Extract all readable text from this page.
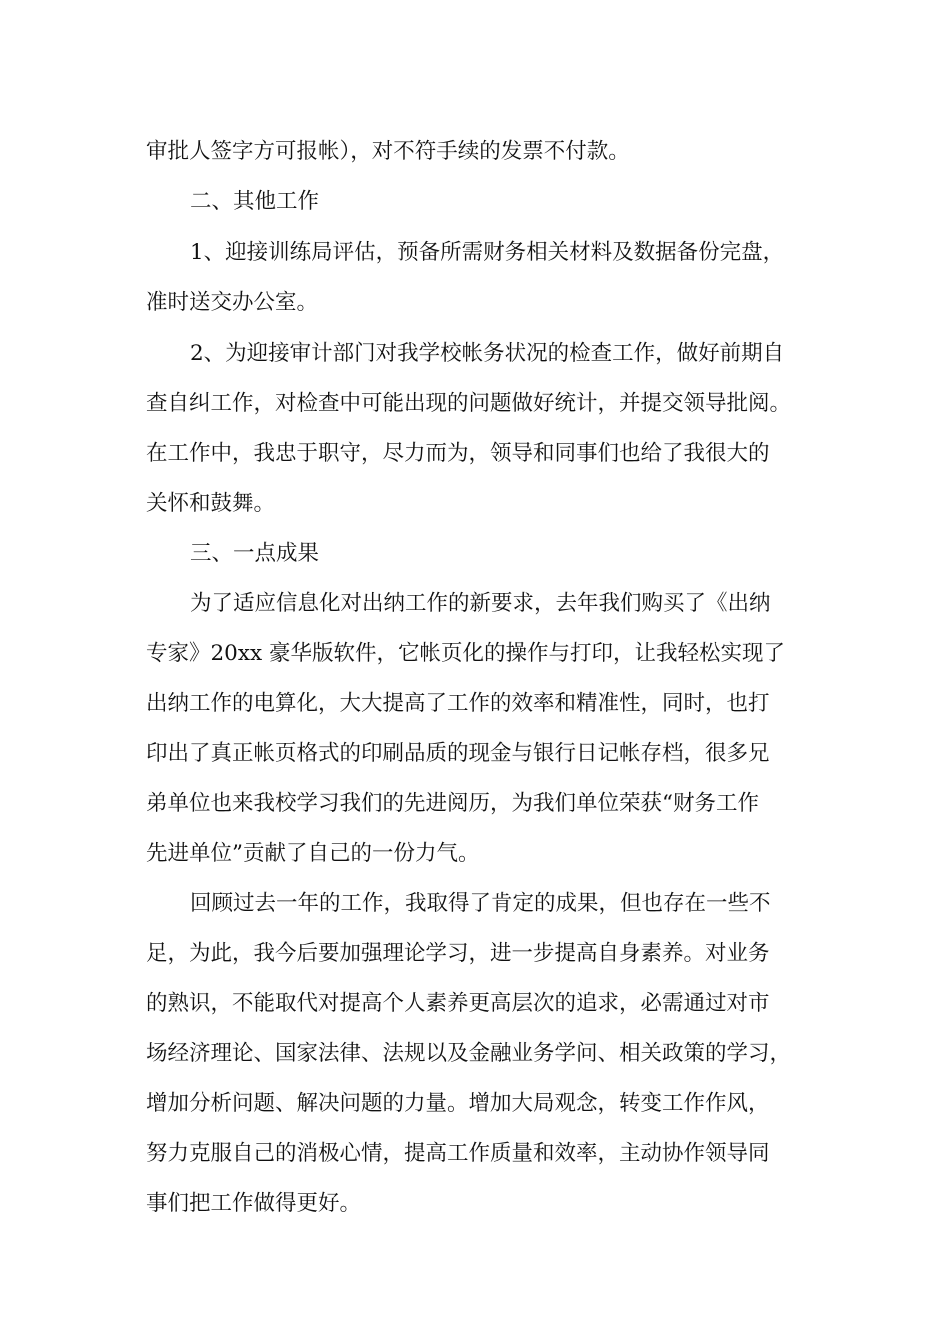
审批人签字方可报帐），对不符手续的发票不付款。
二、其他工作
1、迎接训练局评估，预备所需财务相关材料及数据备份完盘，
准时送交办公室。
2、为迎接审计部门对我学校帐务状况的检查工作，做好前期自
查自纠工作，对检查中可能出现的问题做好统计，并提交领导批阅。
在工作中，我忠于职守，尽力而为，领导和同事们也给了我很大的
关怀和鼓舞。
三、一点成果
为了适应信息化对出纳工作的新要求，去年我们购买了《出纳
专家》20xx 豪华版软件，它帐页化的操作与打印，让我轻松实现了
出纳工作的电算化，大大提高了工作的效率和精准性，同时，也打
印出了真正帐页格式的印刷品质的现金与银行日记帐存档，很多兄
弟单位也来我校学习我们的先进阅历，为我们单位荣获“财务工作
先进单位”贡献了自己的一份力气。
回顾过去一年的工作，我取得了肯定的成果，但也存在一些不
足，为此，我今后要加强理论学习，进一步提高自身素养。对业务
的熟识，不能取代对提高个人素养更高层次的追求，必需通过对市
场经济理论、国家法律、法规以及金融业务学问、相关政策的学习，
增加分析问题、解决问题的力量。增加大局观念，转变工作作风，
努力克服自己的消极心情，提高工作质量和效率，主动协作领导同
事们把工作做得更好。
